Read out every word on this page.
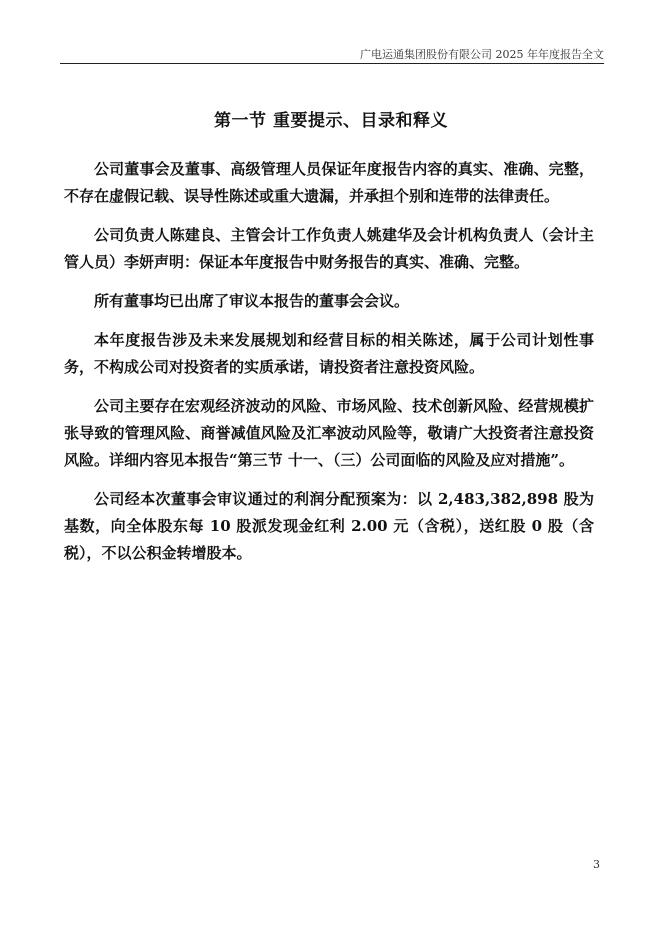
广电运通集团股份有限公司 2025 年年度报告全文
第一节 重要提示、目录和释义

公司董事会及董事、高级管理人员保证年度报告内容的真实、准确、完整，不存在虚假记载、误导性陈述或重大遗漏，并承担个别和连带的法律责任。

公司负责人陈建良、主管会计工作负责人姚建华及会计机构负责人（会计主管人员）李妍声明：保证本年度报告中财务报告的真实、准确、完整。

所有董事均已出席了审议本报告的董事会会议。

本年度报告涉及未来发展规划和经营目标的相关陈述，属于公司计划性事务，不构成公司对投资者的实质承诺，请投资者注意投资风险。

公司主要存在宏观经济波动的风险、市场风险、技术创新风险、经营规模扩张导致的管理风险、商誉减值风险及汇率波动风险等，敬请广大投资者注意投资风险。详细内容见本报告“第三节 十一、（三）公司面临的风险及应对措施”。

公司经本次董事会审议通过的利润分配预案为：以 2,483,382,898 股为基数，向全体股东每 10 股派发现金红利 2.00 元（含税），送红股 0 股（含税），不以公积金转增股本。

3
